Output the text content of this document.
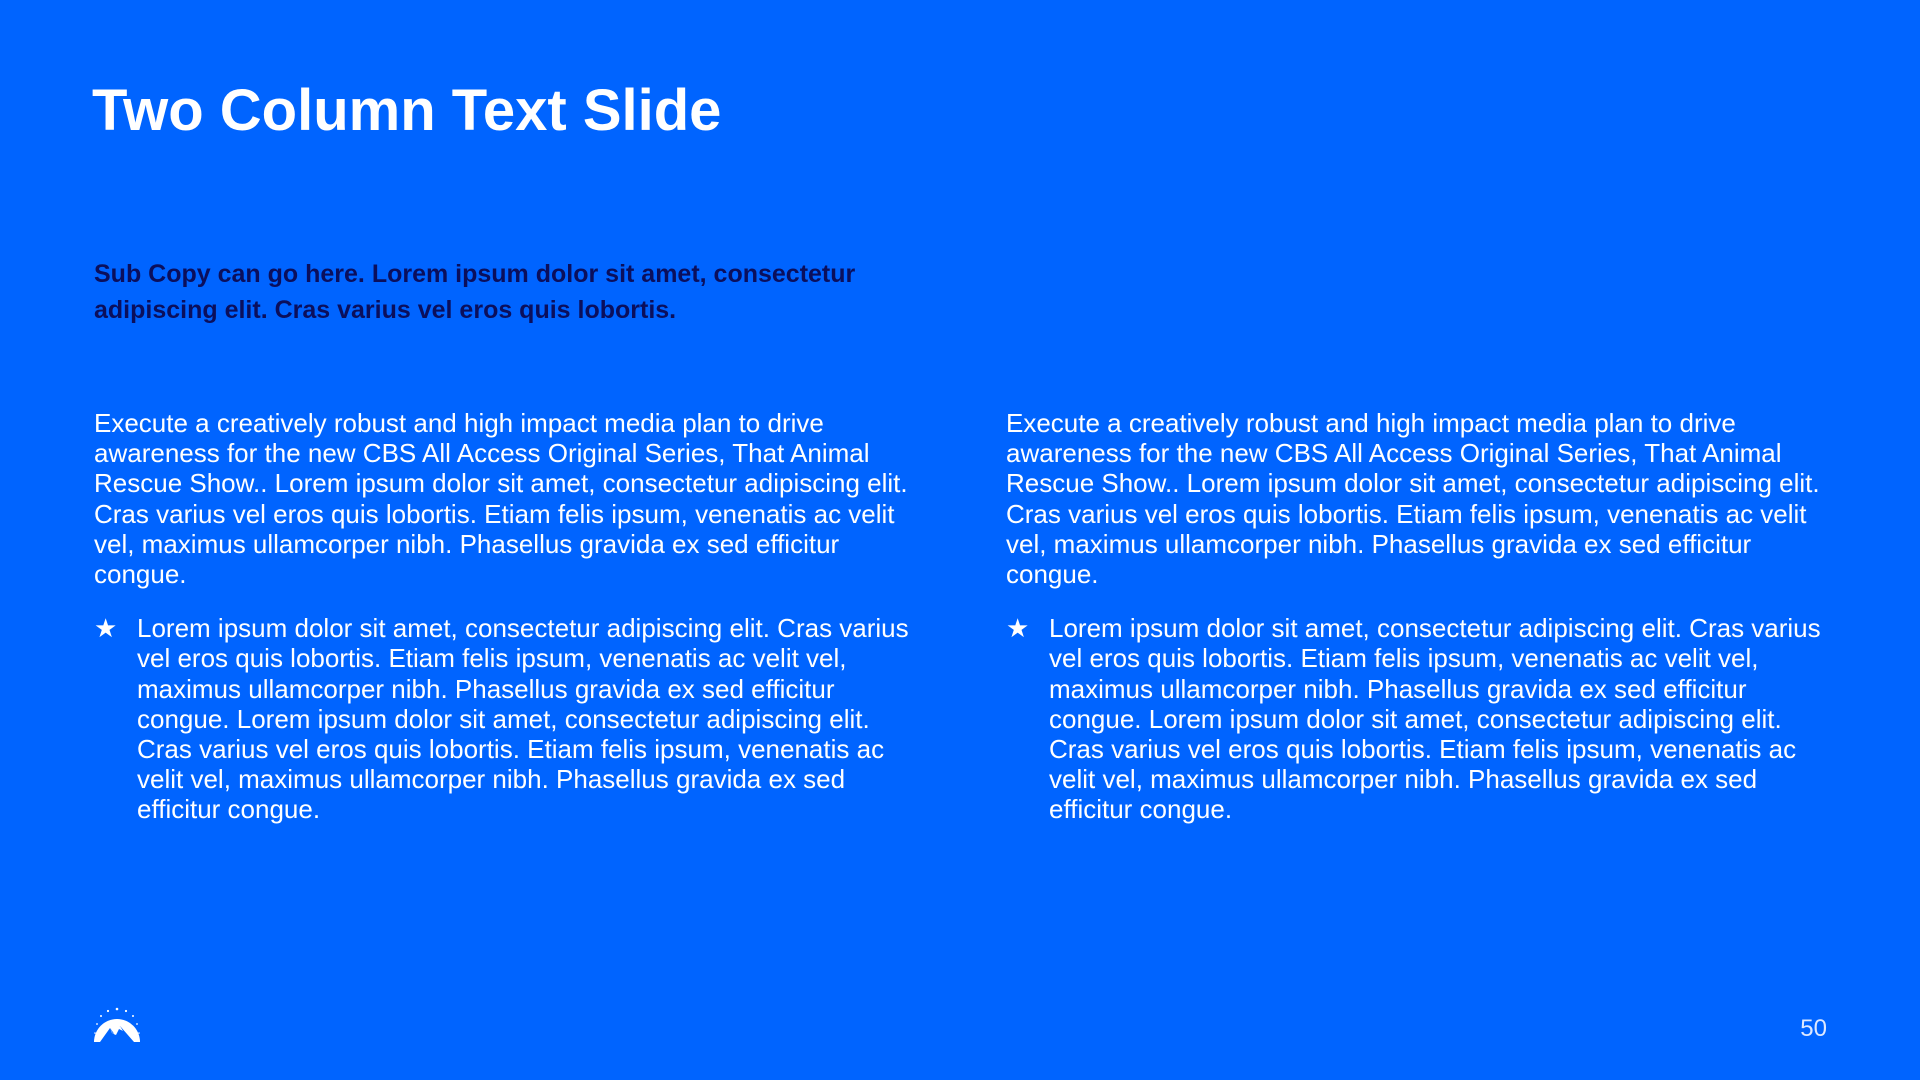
Two Column Text Slide

Sub Copy can go here. Lorem ipsum dolor sit amet, consectetur adipiscing elit. Cras varius vel eros quis lobortis.

Execute a creatively robust and high impact media plan to drive awareness for the new CBS All Access Original Series, That Animal Rescue Show.. Lorem ipsum dolor sit amet, consectetur adipiscing elit. Cras varius vel eros quis lobortis. Etiam felis ipsum, venenatis ac velit vel, maximus ullamcorper nibh. Phasellus gravida ex sed efficitur congue.

★ Lorem ipsum dolor sit amet, consectetur adipiscing elit. Cras varius vel eros quis lobortis. Etiam felis ipsum, venenatis ac velit vel, maximus ullamcorper nibh. Phasellus gravida ex sed efficitur congue. Lorem ipsum dolor sit amet, consectetur adipiscing elit. Cras varius vel eros quis lobortis. Etiam felis ipsum, venenatis ac velit vel, maximus ullamcorper nibh. Phasellus gravida ex sed efficitur congue.

Execute a creatively robust and high impact media plan to drive awareness for the new CBS All Access Original Series, That Animal Rescue Show.. Lorem ipsum dolor sit amet, consectetur adipiscing elit. Cras varius vel eros quis lobortis. Etiam felis ipsum, venenatis ac velit vel, maximus ullamcorper nibh. Phasellus gravida ex sed efficitur congue.

★ Lorem ipsum dolor sit amet, consectetur adipiscing elit. Cras varius vel eros quis lobortis. Etiam felis ipsum, venenatis ac velit vel, maximus ullamcorper nibh. Phasellus gravida ex sed efficitur congue. Lorem ipsum dolor sit amet, consectetur adipiscing elit. Cras varius vel eros quis lobortis. Etiam felis ipsum, venenatis ac velit vel, maximus ullamcorper nibh. Phasellus gravida ex sed efficitur congue.
50
